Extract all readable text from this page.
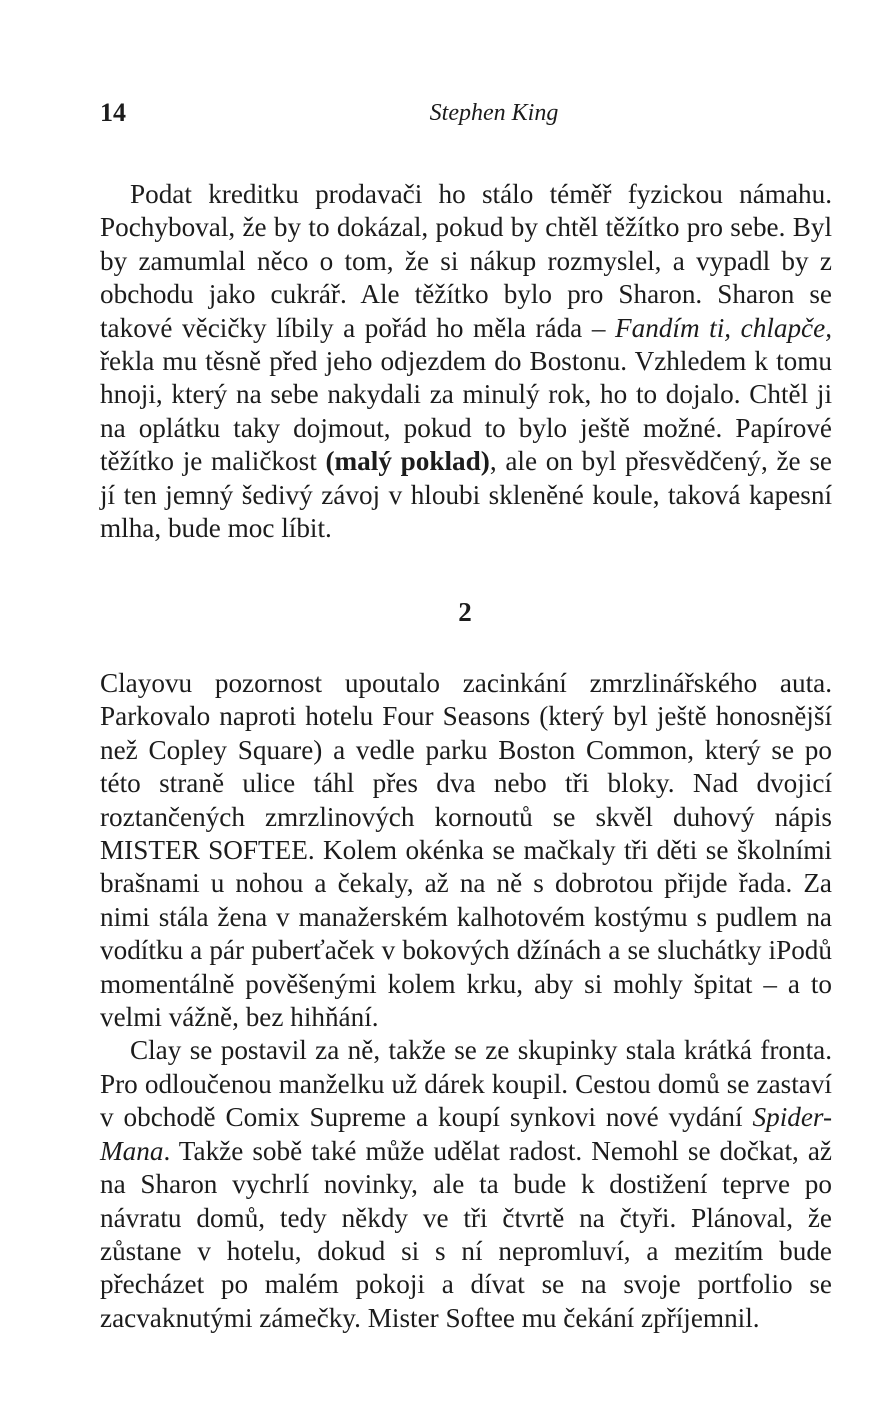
14	Stephen King

Podat kreditku prodavači ho stálo téměř fyzickou námahu. Pochyboval, že by to dokázal, pokud by chtěl těžítko pro sebe. Byl by zamumlal něco o tom, že si nákup rozmyslel, a vypadl by z obchodu jako cukrář. Ale těžítko bylo pro Sharon. Sharon se takové věcičky líbily a pořád ho měla ráda – Fandím ti, chlapče, řekla mu těsně před jeho odjezdem do Bostonu. Vzhledem k tomu hnoji, který na sebe nakydali za minulý rok, ho to dojalo. Chtěl ji na oplátku taky dojmout, pokud to bylo ještě možné. Papírové těžítko je maličkost (malý poklad), ale on byl přesvědčený, že se jí ten jemný šedivý závoj v hloubi skleněné koule, taková kapesní mlha, bude moc líbit.

2

Clayovu pozornost upoutalo zacinkání zmrzlinářského auta. Parkovalo naproti hotelu Four Seasons (který byl ještě honosnější než Copley Square) a vedle parku Boston Common, který se po této straně ulice táhl přes dva nebo tři bloky. Nad dvojicí roztančených zmrzlinových kornoutů se skvěl duhový nápis MISTER SOFTEE. Kolem okénka se mačkaly tři děti se školními brašnami u nohou a čekaly, až na ně s dobrotou přijde řada. Za nimi stála žena v manažerském kalhotovém kostýmu s pudlem na vodítku a pár puberťaček v bokových džínách a se sluchátky iPodů momentálně pověšenými kolem krku, aby si mohly špitat – a to velmi vážně, bez hihňání.

Clay se postavil za ně, takže se ze skupinky stala krátká fronta. Pro odloučenou manželku už dárek koupil. Cestou domů se zastaví v obchodě Comix Supreme a koupí synkovi nové vydání Spider-Mana. Takže sobě také může udělat radost. Nemohl se dočkat, až na Sharon vychrlí novinky, ale ta bude k dostižení teprve po návratu domů, tedy někdy ve tři čtvrtě na čtyři. Plánoval, že zůstane v hotelu, dokud si s ní nepromluví, a mezitím bude přecházet po malém pokoji a dívat se na svoje portfolio se zacvaknutými zámečky. Mister Softee mu čekání zpříjemnil.
